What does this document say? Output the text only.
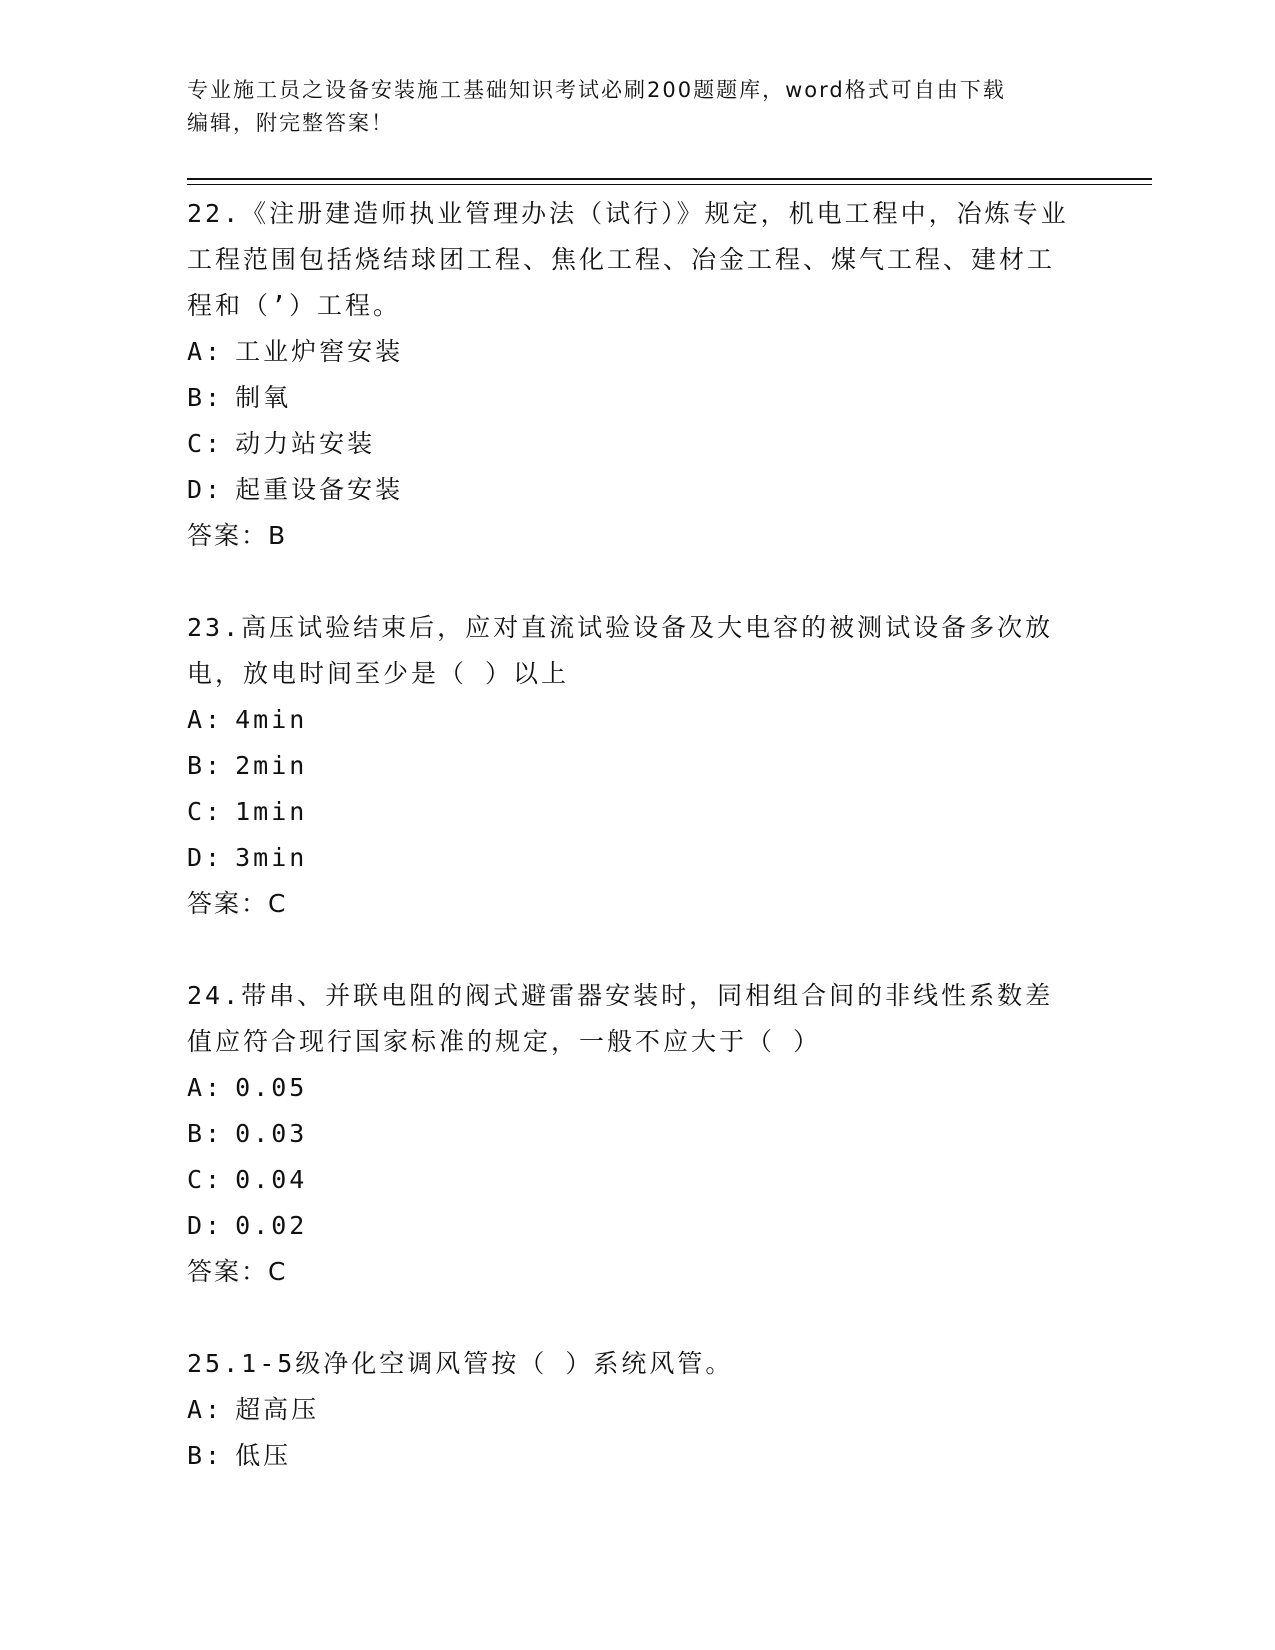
专业施工员之设备安装施工基础知识考试必刷200题题库，word格式可自由下载
编辑，附完整答案！

22.《注册建造师执业管理办法（试行）》规定，机电工程中，冶炼专业工程范围包括烧结球团工程、焦化工程、冶金工程、煤气工程、建材工程和（’）工程。

A: 工业炉窖安装

B: 制氧

C: 动力站安装

D: 起重设备安装

答案：B

23.高压试验结束后，应对直流试验设备及大电容的被测试设备多次放电，放电时间至少是（ ）以上

A: 4min

B: 2min

C: 1min

D: 3min

答案：C

24.带串、并联电阻的阀式避雷器安装时，同相组合间的非线性系数差值应符合现行国家标准的规定，一般不应大于（ ）

A: 0.05

B: 0.03

C: 0.04

D: 0.02

答案：C

25.1-5级净化空调风管按（ ）系统风管。

A: 超高压

B: 低压
